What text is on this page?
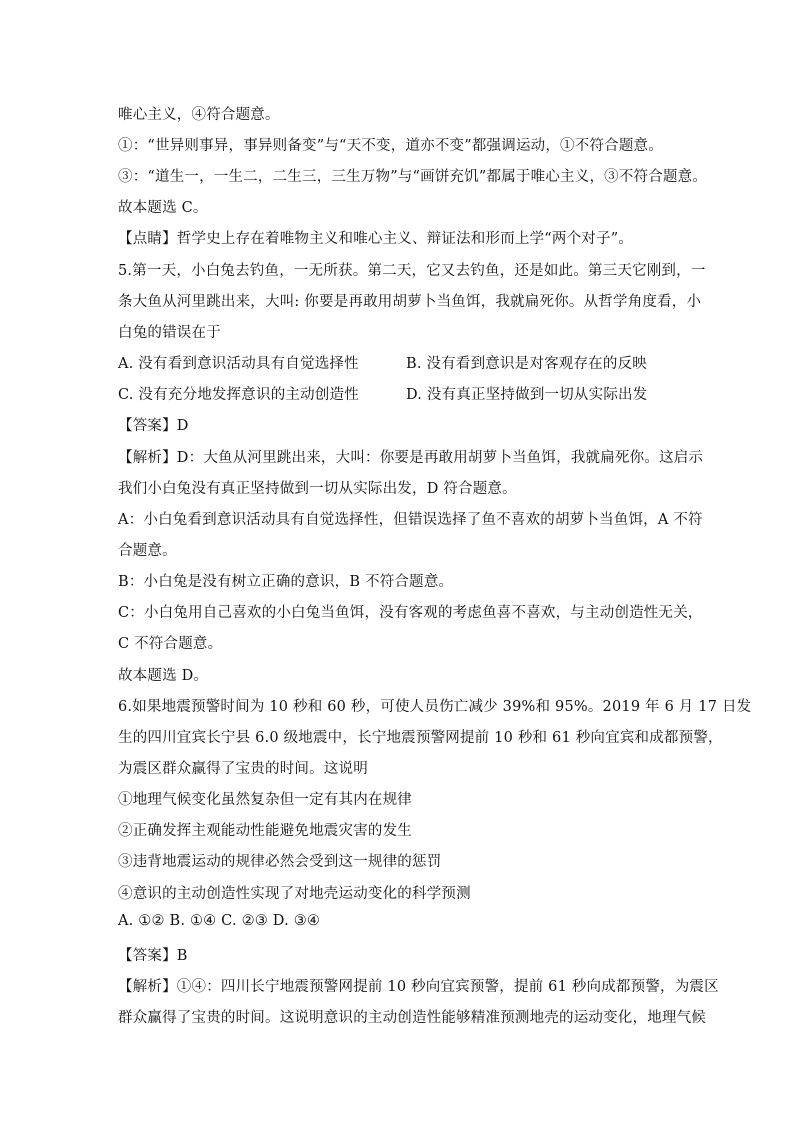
唯心主义，④符合题意。
①：“世异则事异，事异则备变”与“天不变，道亦不变”都强调运动，①不符合题意。
③：“道生一，一生二，二生三，三生万物”与“画饼充饥”都属于唯心主义，③不符合题意。
故本题选 C。
【点睛】哲学史上存在着唯物主义和唯心主义、辩证法和形而上学“两个对子”。
5.第一天，小白兔去钓鱼，一无所获。第二天，它又去钓鱼，还是如此。第三天它刚到，一
条大鱼从河里跳出来，大叫: 你要是再敢用胡萝卜当鱼饵，我就扁死你。从哲学角度看，小
白兔的错误在于
A. 没有看到意识活动具有自觉选择性	B. 没有看到意识是对客观存在的反映
C. 没有充分地发挥意识的主动创造性	D. 没有真正坚持做到一切从实际出发
【答案】D
【解析】D：大鱼从河里跳出来，大叫：你要是再敢用胡萝卜当鱼饵，我就扁死你。这启示
我们小白兔没有真正坚持做到一切从实际出发，D 符合题意。
A：小白兔看到意识活动具有自觉选择性，但错误选择了鱼不喜欢的胡萝卜当鱼饵，A 不符
合题意。
B：小白兔是没有树立正确的意识，B 不符合题意。
C：小白兔用自己喜欢的小白兔当鱼饵，没有客观的考虑鱼喜不喜欢，与主动创造性无关，
C 不符合题意。
故本题选 D。
6.如果地震预警时间为 10 秒和 60 秒，可使人员伤亡减少 39%和 95%。2019 年 6 月 17 日发
生的四川宜宾长宁县 6.0 级地震中，长宁地震预警网提前 10 秒和 61 秒向宜宾和成都预警，
为震区群众赢得了宝贵的时间。这说明
①地理气候变化虽然复杂但一定有其内在规律
②正确发挥主观能动性能避免地震灾害的发生
③违背地震运动的规律必然会受到这一规律的惩罚
④意识的主动创造性实现了对地壳运动变化的科学预测
A. ①② B. ①④ C. ②③ D. ③④
【答案】B
【解析】①④：四川长宁地震预警网提前 10 秒向宜宾预警，提前 61 秒向成都预警，为震区
群众赢得了宝贵的时间。这说明意识的主动创造性能够精准预测地壳的运动变化，地理气候
